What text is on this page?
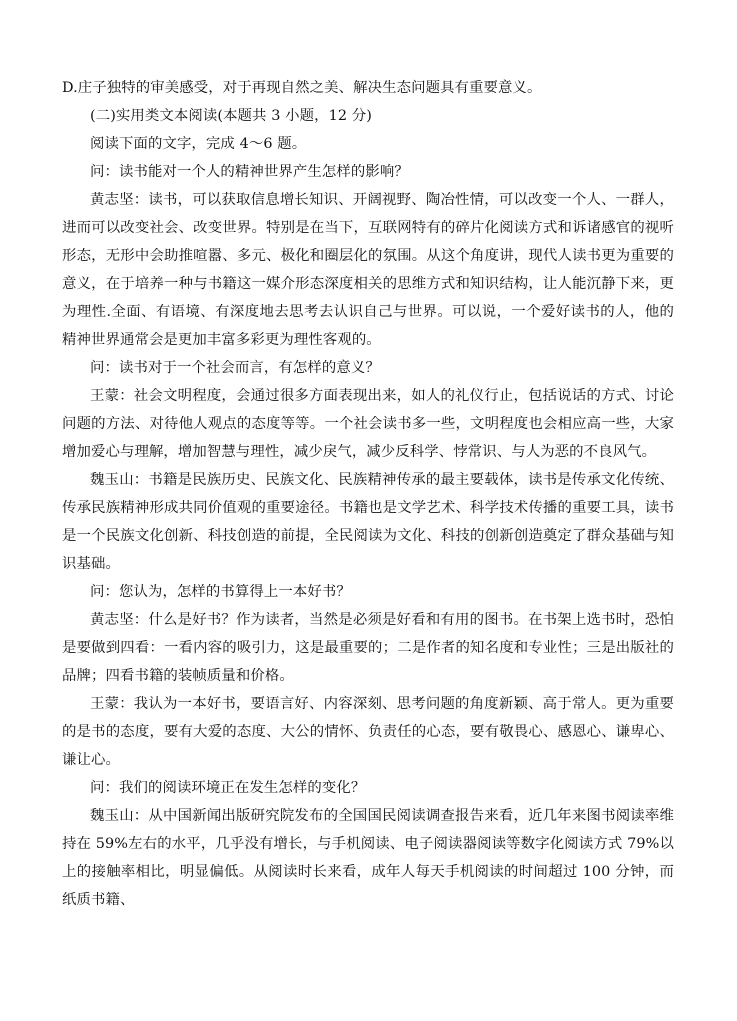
D.庄子独特的审美感受，对于再现自然之美、解决生态问题具有重要意义。

(二)实用类文本阅读(本题共 3 小题，12 分)

阅读下面的文字，完成 4～6 题。

问：读书能对一个人的精神世界产生怎样的影响？

黄志坚：读书，可以获取信息增长知识、开阔视野、陶冶性情，可以改变一个人、一群人，进而可以改变社会、改变世界。特别是在当下，互联网特有的碎片化阅读方式和诉诸感官的视听形态，无形中会助推喧嚣、多元、极化和圈层化的氛围。从这个角度讲，现代人读书更为重要的意义，在于培养一种与书籍这一媒介形态深度相关的思维方式和知识结构，让人能沉静下来，更为理性.全面、有语境、有深度地去思考去认识自己与世界。可以说，一个爱好读书的人，他的精神世界通常会是更加丰富多彩更为理性客观的。

问：读书对于一个社会而言，有怎样的意义？

王蒙：社会文明程度，会通过很多方面表现出来，如人的礼仪行止，包括说话的方式、讨论问题的方法、对待他人观点的态度等等。一个社会读书多一些，文明程度也会相应高一些，大家增加爱心与理解，增加智慧与理性，减少戾气，减少反科学、悖常识、与人为恶的不良风气。

魏玉山：书籍是民族历史、民族文化、民族精神传承的最主要载体，读书是传承文化传统、传承民族精神形成共同价值观的重要途径。书籍也是文学艺术、科学技术传播的重要工具，读书是一个民族文化创新、科技创造的前提，全民阅读为文化、科技的创新创造奠定了群众基础与知识基础。

问：您认为，怎样的书算得上一本好书？

黄志坚：什么是好书？作为读者，当然是必须是好看和有用的图书。在书架上选书时，恐怕是要做到四看：一看内容的吸引力，这是最重要的；二是作者的知名度和专业性；三是出版社的品牌；四看书籍的装帧质量和价格。

王蒙：我认为一本好书，要语言好、内容深刻、思考问题的角度新颖、高于常人。更为重要的是书的态度，要有大爱的态度、大公的情怀、负责任的心态，要有敬畏心、感恩心、谦卑心、谦让心。

问：我们的阅读环境正在发生怎样的变化？

魏玉山：从中国新闻出版研究院发布的全国国民阅读调查报告来看，近几年来图书阅读率维持在 59%左右的水平，几乎没有增长，与手机阅读、电子阅读器阅读等数字化阅读方式 79%以上的接触率相比，明显偏低。从阅读时长来看，成年人每天手机阅读的时间超过 100 分钟，而纸质书籍、
